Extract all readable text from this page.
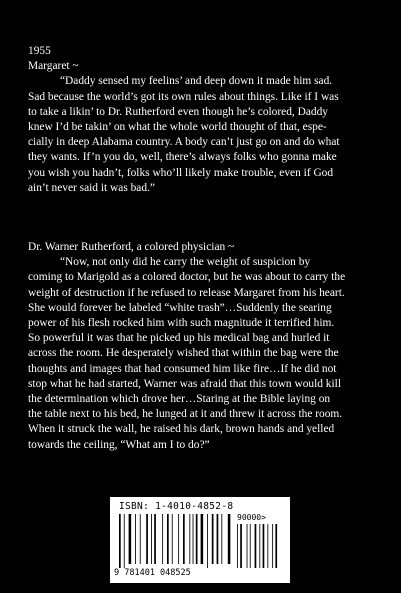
1955
Margaret ~
“Daddy sensed my feelins’ and deep down it made him sad.
Sad because the world’s got its own rules about things. Like if I was
to take a likin’ to Dr. Rutherford even though he’s colored, Daddy
knew I’d be takin’ on what the whole world thought of that, espe-
cially in deep Alabama country. A body can’t just go on and do what
they wants. If’n you do, well, there’s always folks who gonna make
you wish you hadn’t, folks who’ll likely make trouble, even if God
ain’t never said it was bad.”
Dr. Warner Rutherford, a colored physician ~
“Now, not only did he carry the weight of suspicion by
coming to Marigold as a colored doctor, but he was about to carry the
weight of destruction if he refused to release Margaret from his heart.
She would forever be labeled “white trash”…Suddenly the searing
power of his flesh rocked him with such magnitude it terrified him.
So powerful it was that he picked up his medical bag and hurled it
across the room. He desperately wished that within the bag were the
thoughts and images that had consumed him like fire…If he did not
stop what he had started, Warner was afraid that this town would kill
the determination which drove her…Staring at the Bible laying on
the table next to his bed, he lunged at it and threw it across the room.
When it struck the wall, he raised his dark, brown hands and yelled
towards the ceiling, “What am I to do?”
ISBN: 1-4010-4852-8
90000>
9 781401 048525
